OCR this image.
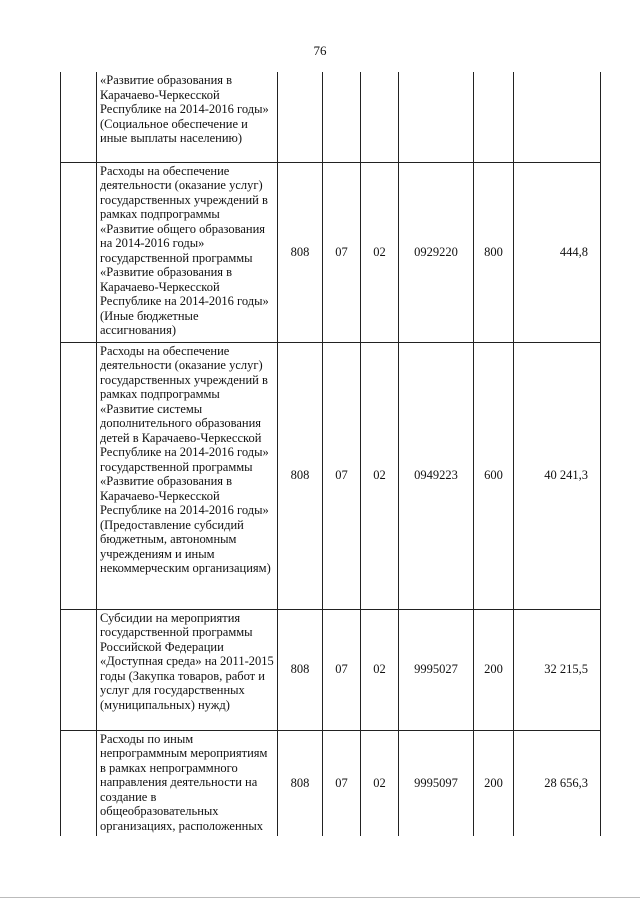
76
	«Развитие образования в Карачаево-Черкесской Республике на 2014-2016 годы» (Социальное обеспечение и иные выплаты населению)						
	Расходы на обеспечение деятельности (оказание услуг) государственных учреждений в рамках подпрограммы «Развитие общего образования на 2014-2016 годы» государственной программы «Развитие образования в Карачаево-Черкесской Республике на 2014-2016 годы» (Иные бюджетные ассигнования)	808	07	02	0929220	800	444,8
	Расходы на обеспечение деятельности (оказание услуг) государственных учреждений в рамках подпрограммы «Развитие системы дополнительного образования детей в Карачаево-Черкесской Республике на 2014-2016 годы» государственной программы «Развитие образования в Карачаево-Черкесской Республике на 2014-2016 годы» (Предоставление субсидий бюджетным, автономным учреждениям и иным некоммерческим организациям)	808	07	02	0949223	600	40 241,3
	Субсидии на мероприятия государственной программы Российской Федерации «Доступная среда» на 2011-2015 годы (Закупка товаров, работ и услуг для государственных (муниципальных) нужд)	808	07	02	9995027	200	32 215,5
	Расходы по иным непрограммным мероприятиям в рамках непрограммного направления деятельности на создание в общеобразовательных организациях, расположенных	808	07	02	9995097	200	28 656,3
